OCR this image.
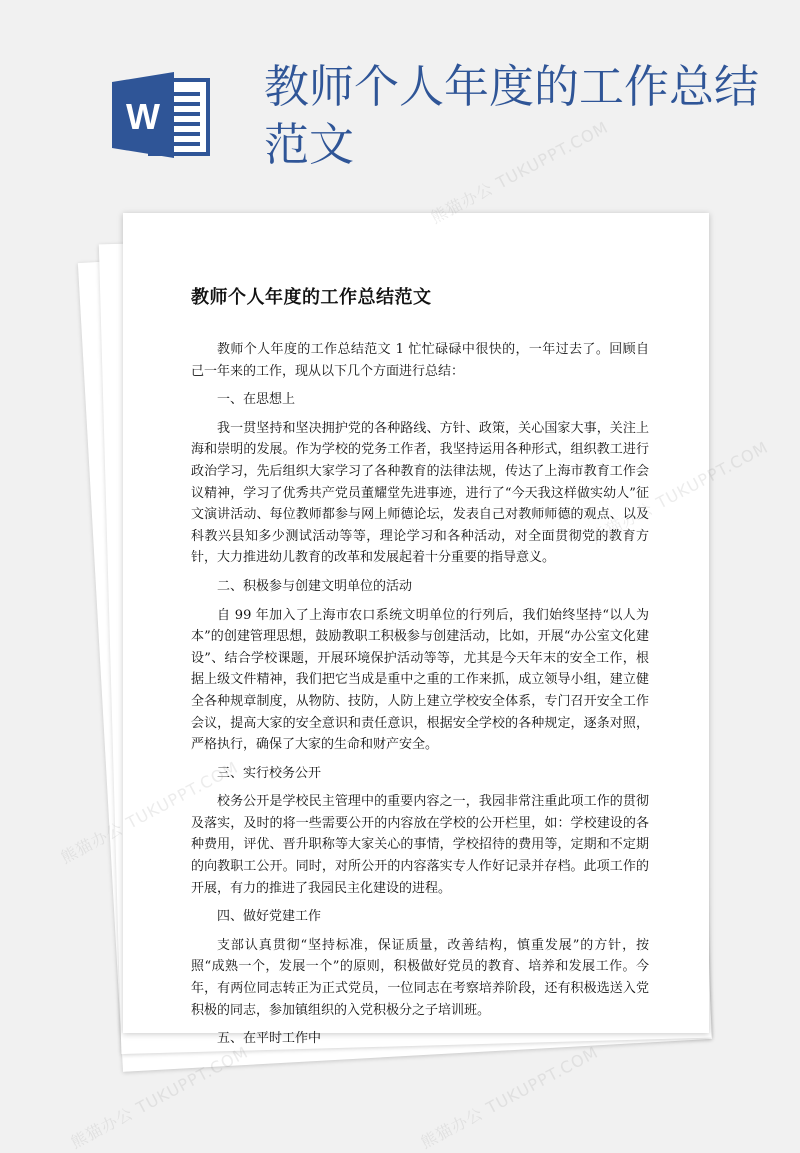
W
教师个人年度的工作总结范文
教师个人年度的工作总结范文

教师个人年度的工作总结范文 1 忙忙碌碌中很快的，一年过去了。回顾自己一年来的工作，现从以下几个方面进行总结：

一、在思想上

我一贯坚持和坚决拥护党的各种路线、方针、政策，关心国家大事，关注上海和崇明的发展。作为学校的党务工作者，我坚持运用各种形式，组织教工进行政治学习，先后组织大家学习了各种教育的法律法规，传达了上海市教育工作会议精神，学习了优秀共产党员董耀堂先进事迹，进行了“今天我这样做实幼人”征文演讲活动、每位教师都参与网上师德论坛，发表自己对教师师德的观点、以及科教兴县知多少测试活动等等，理论学习和各种活动，对全面贯彻党的教育方针，大力推进幼儿教育的改革和发展起着十分重要的指导意义。

二、积极参与创建文明单位的活动

自 99 年加入了上海市农口系统文明单位的行列后，我们始终坚持“以人为本”的创建管理思想，鼓励教职工积极参与创建活动，比如，开展“办公室文化建设”、结合学校课题，开展环境保护活动等等，尤其是今天年末的安全工作，根据上级文件精神，我们把它当成是重中之重的工作来抓，成立领导小组，建立健全各种规章制度，从物防、技防，人防上建立学校安全体系，专门召开安全工作会议，提高大家的安全意识和责任意识，根据安全学校的各种规定，逐条对照，严格执行，确保了大家的生命和财产安全。

三、实行校务公开

校务公开是学校民主管理中的重要内容之一，我园非常注重此项工作的贯彻及落实，及时的将一些需要公开的内容放在学校的公开栏里，如：学校建设的各种费用，评优、晋升职称等大家关心的事情，学校招待的费用等，定期和不定期的向教职工公开。同时，对所公开的内容落实专人作好记录并存档。此项工作的开展，有力的推进了我园民主化建设的进程。

四、做好党建工作

支部认真贯彻“坚持标准，保证质量，改善结构，慎重发展”的方针，按照“成熟一个，发展一个”的原则，积极做好党员的教育、培养和发展工作。今年，有两位同志转正为正式党员，一位同志在考察培养阶段，还有积极选送入党积极的同志，参加镇组织的入党积极分之子培训班。

五、在平时工作中

熊猫办公 TUKUPPT.COM
TUKUPPT.COM
熊猫办公
熊猫办公 TUKUPPT.COM
熊猫办公 TUKUPPT.COM
